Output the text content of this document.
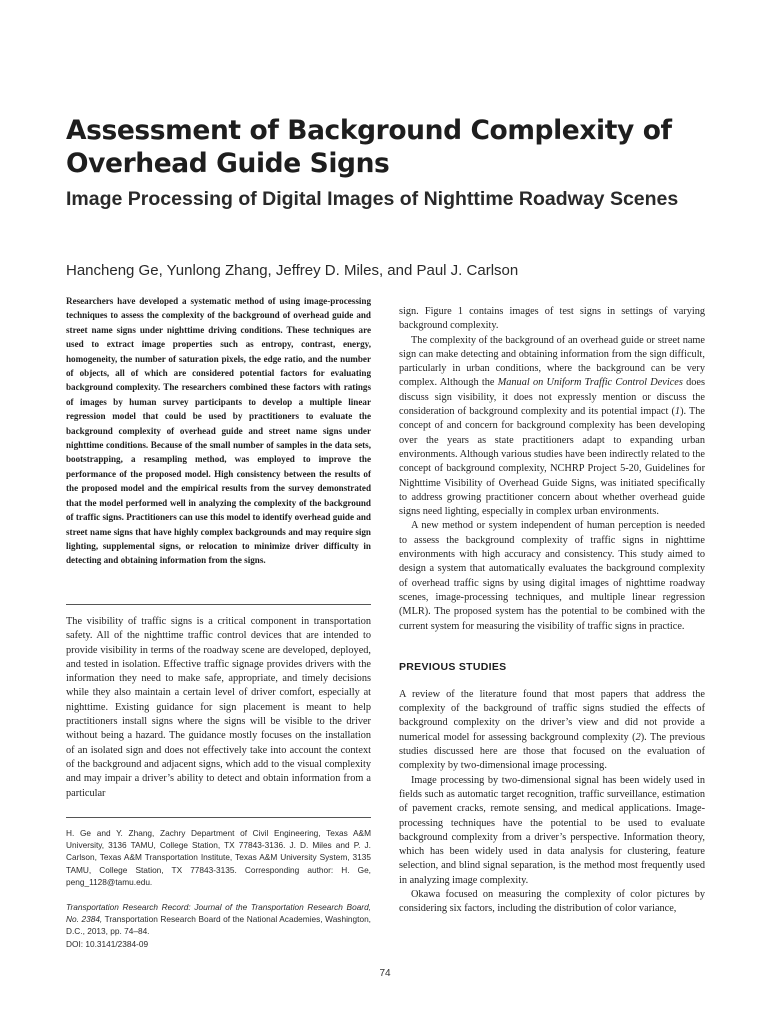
Assessment of Background Complexity of Overhead Guide Signs
Image Processing of Digital Images of Nighttime Roadway Scenes
Hancheng Ge, Yunlong Zhang, Jeffrey D. Miles, and Paul J. Carlson

Researchers have developed a systematic method of using image-processing techniques to assess the complexity of the background of overhead guide and street name signs under nighttime driving conditions. These techniques are used to extract image properties such as entropy, contrast, energy, homogeneity, the number of saturation pixels, the edge ratio, and the number of objects, all of which are considered potential factors for evaluating background complexity. The researchers combined these factors with ratings of images by human survey participants to develop a multiple linear regression model that could be used by practitioners to evaluate the background complexity of overhead guide and street name signs under nighttime conditions. Because of the small number of samples in the data sets, bootstrapping, a resampling method, was employed to improve the performance of the proposed model. High consistency between the results of the proposed model and the empirical results from the survey demonstrated that the model performed well in analyzing the complexity of the background of traffic signs. Practitioners can use this model to identify overhead guide and street name signs that have highly complex backgrounds and may require sign lighting, supplemental signs, or relocation to minimize driver difficulty in detecting and obtaining information from the signs.

The visibility of traffic signs is a critical component in transportation safety. All of the nighttime traffic control devices that are intended to provide visibility in terms of the roadway scene are developed, deployed, and tested in isolation. Effective traffic signage provides drivers with the information they need to make safe, appropriate, and timely decisions while they also maintain a certain level of driver comfort, especially at nighttime. Existing guidance for sign placement is meant to help practitioners install signs where the signs will be visible to the driver without being a hazard. The guidance mostly focuses on the installation of an isolated sign and does not effectively take into account the context of the background and adjacent signs, which add to the visual complexity and may impair a driver’s ability to detect and obtain information from a particular

H. Ge and Y. Zhang, Zachry Department of Civil Engineering, Texas A&M University, 3136 TAMU, College Station, TX 77843-3136. J. D. Miles and P. J. Carlson, Texas A&M Transportation Institute, Texas A&M University System, 3135 TAMU, College Station, TX 77843-3135. Corresponding author: H. Ge, peng_1128@tamu.edu.

Transportation Research Record: Journal of the Transportation Research Board, No. 2384, Transportation Research Board of the National Academies, Washington, D.C., 2013, pp. 74–84.

DOI: 10.3141/2384-09

sign. Figure 1 contains images of test signs in settings of varying background complexity.

The complexity of the background of an overhead guide or street name sign can make detecting and obtaining information from the sign difficult, particularly in urban conditions, where the background can be very complex. Although the Manual on Uniform Traffic Control Devices does discuss sign visibility, it does not expressly mention or discuss the consideration of background complexity and its potential impact (1). The concept of and concern for background complexity has been developing over the years as state practitioners adapt to expanding urban environments. Although various studies have been indirectly related to the concept of background complexity, NCHRP Project 5-20, Guidelines for Nighttime Visibility of Overhead Guide Signs, was initiated specifically to address growing practitioner concern about whether overhead guide signs need lighting, especially in complex urban environments.

A new method or system independent of human perception is needed to assess the background complexity of traffic signs in nighttime environments with high accuracy and consistency. This study aimed to design a system that automatically evaluates the background complexity of overhead traffic signs by using digital images of nighttime roadway scenes, image-processing techniques, and multiple linear regression (MLR). The proposed system has the potential to be combined with the current system for measuring the visibility of traffic signs in practice.

PREVIOUS STUDIES

A review of the literature found that most papers that address the complexity of the background of traffic signs studied the effects of background complexity on the driver’s view and did not provide a numerical model for assessing background complexity (2). The previous studies discussed here are those that focused on the evaluation of complexity by two-dimensional image processing.

Image processing by two-dimensional signal has been widely used in fields such as automatic target recognition, traffic surveillance, estimation of pavement cracks, remote sensing, and medical applications. Image-processing techniques have the potential to be used to evaluate background complexity from a driver’s perspective. Information theory, which has been widely used in data analysis for clustering, feature selection, and blind signal separation, is the method most frequently used in analyzing image complexity.

Okawa focused on measuring the complexity of color pictures by considering six factors, including the distribution of color variance,

74
